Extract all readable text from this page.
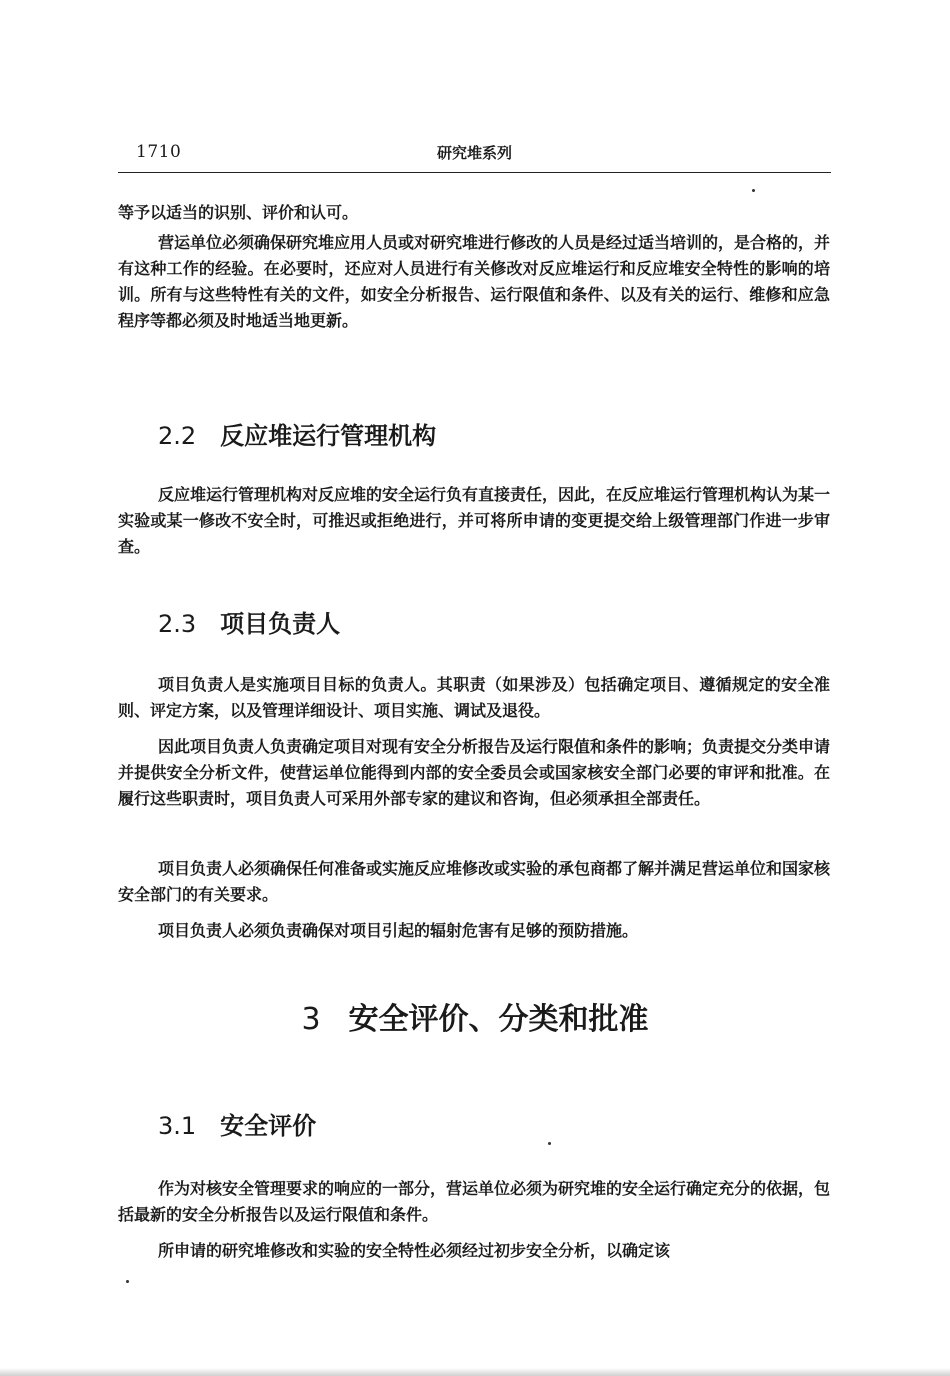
1710	研究堆系列

等予以适当的识别、评价和认可。

营运单位必须确保研究堆应用人员或对研究堆进行修改的人员是经过适当培训的，是合格的，并有这种工作的经验。在必要时，还应对人员进行有关修改对反应堆运行和反应堆安全特性的影响的培训。所有与这些特性有关的文件，如安全分析报告、运行限值和条件、以及有关的运行、维修和应急程序等都必须及时地适当地更新。

2.2 反应堆运行管理机构

反应堆运行管理机构对反应堆的安全运行负有直接责任，因此，在反应堆运行管理机构认为某一实验或某一修改不安全时，可推迟或拒绝进行，并可将所申请的变更提交给上级管理部门作进一步审查。

2.3 项目负责人

项目负责人是实施项目目标的负责人。其职责（如果涉及）包括确定项目、遵循规定的安全准则、评定方案，以及管理详细设计、项目实施、调试及退役。

因此项目负责人负责确定项目对现有安全分析报告及运行限值和条件的影响；负责提交分类申请并提供安全分析文件，使营运单位能得到内部的安全委员会或国家核安全部门必要的审评和批准。在履行这些职责时，项目负责人可采用外部专家的建议和咨询，但必须承担全部责任。

项目负责人必须确保任何准备或实施反应堆修改或实验的承包商都了解并满足营运单位和国家核安全部门的有关要求。

项目负责人必须负责确保对项目引起的辐射危害有足够的预防措施。

3 安全评价、分类和批准
3.1 安全评价

作为对核安全管理要求的响应的一部分，营运单位必须为研究堆的安全运行确定充分的依据，包括最新的安全分析报告以及运行限值和条件。

所申请的研究堆修改和实验的安全特性必须经过初步安全分析，以确定该
